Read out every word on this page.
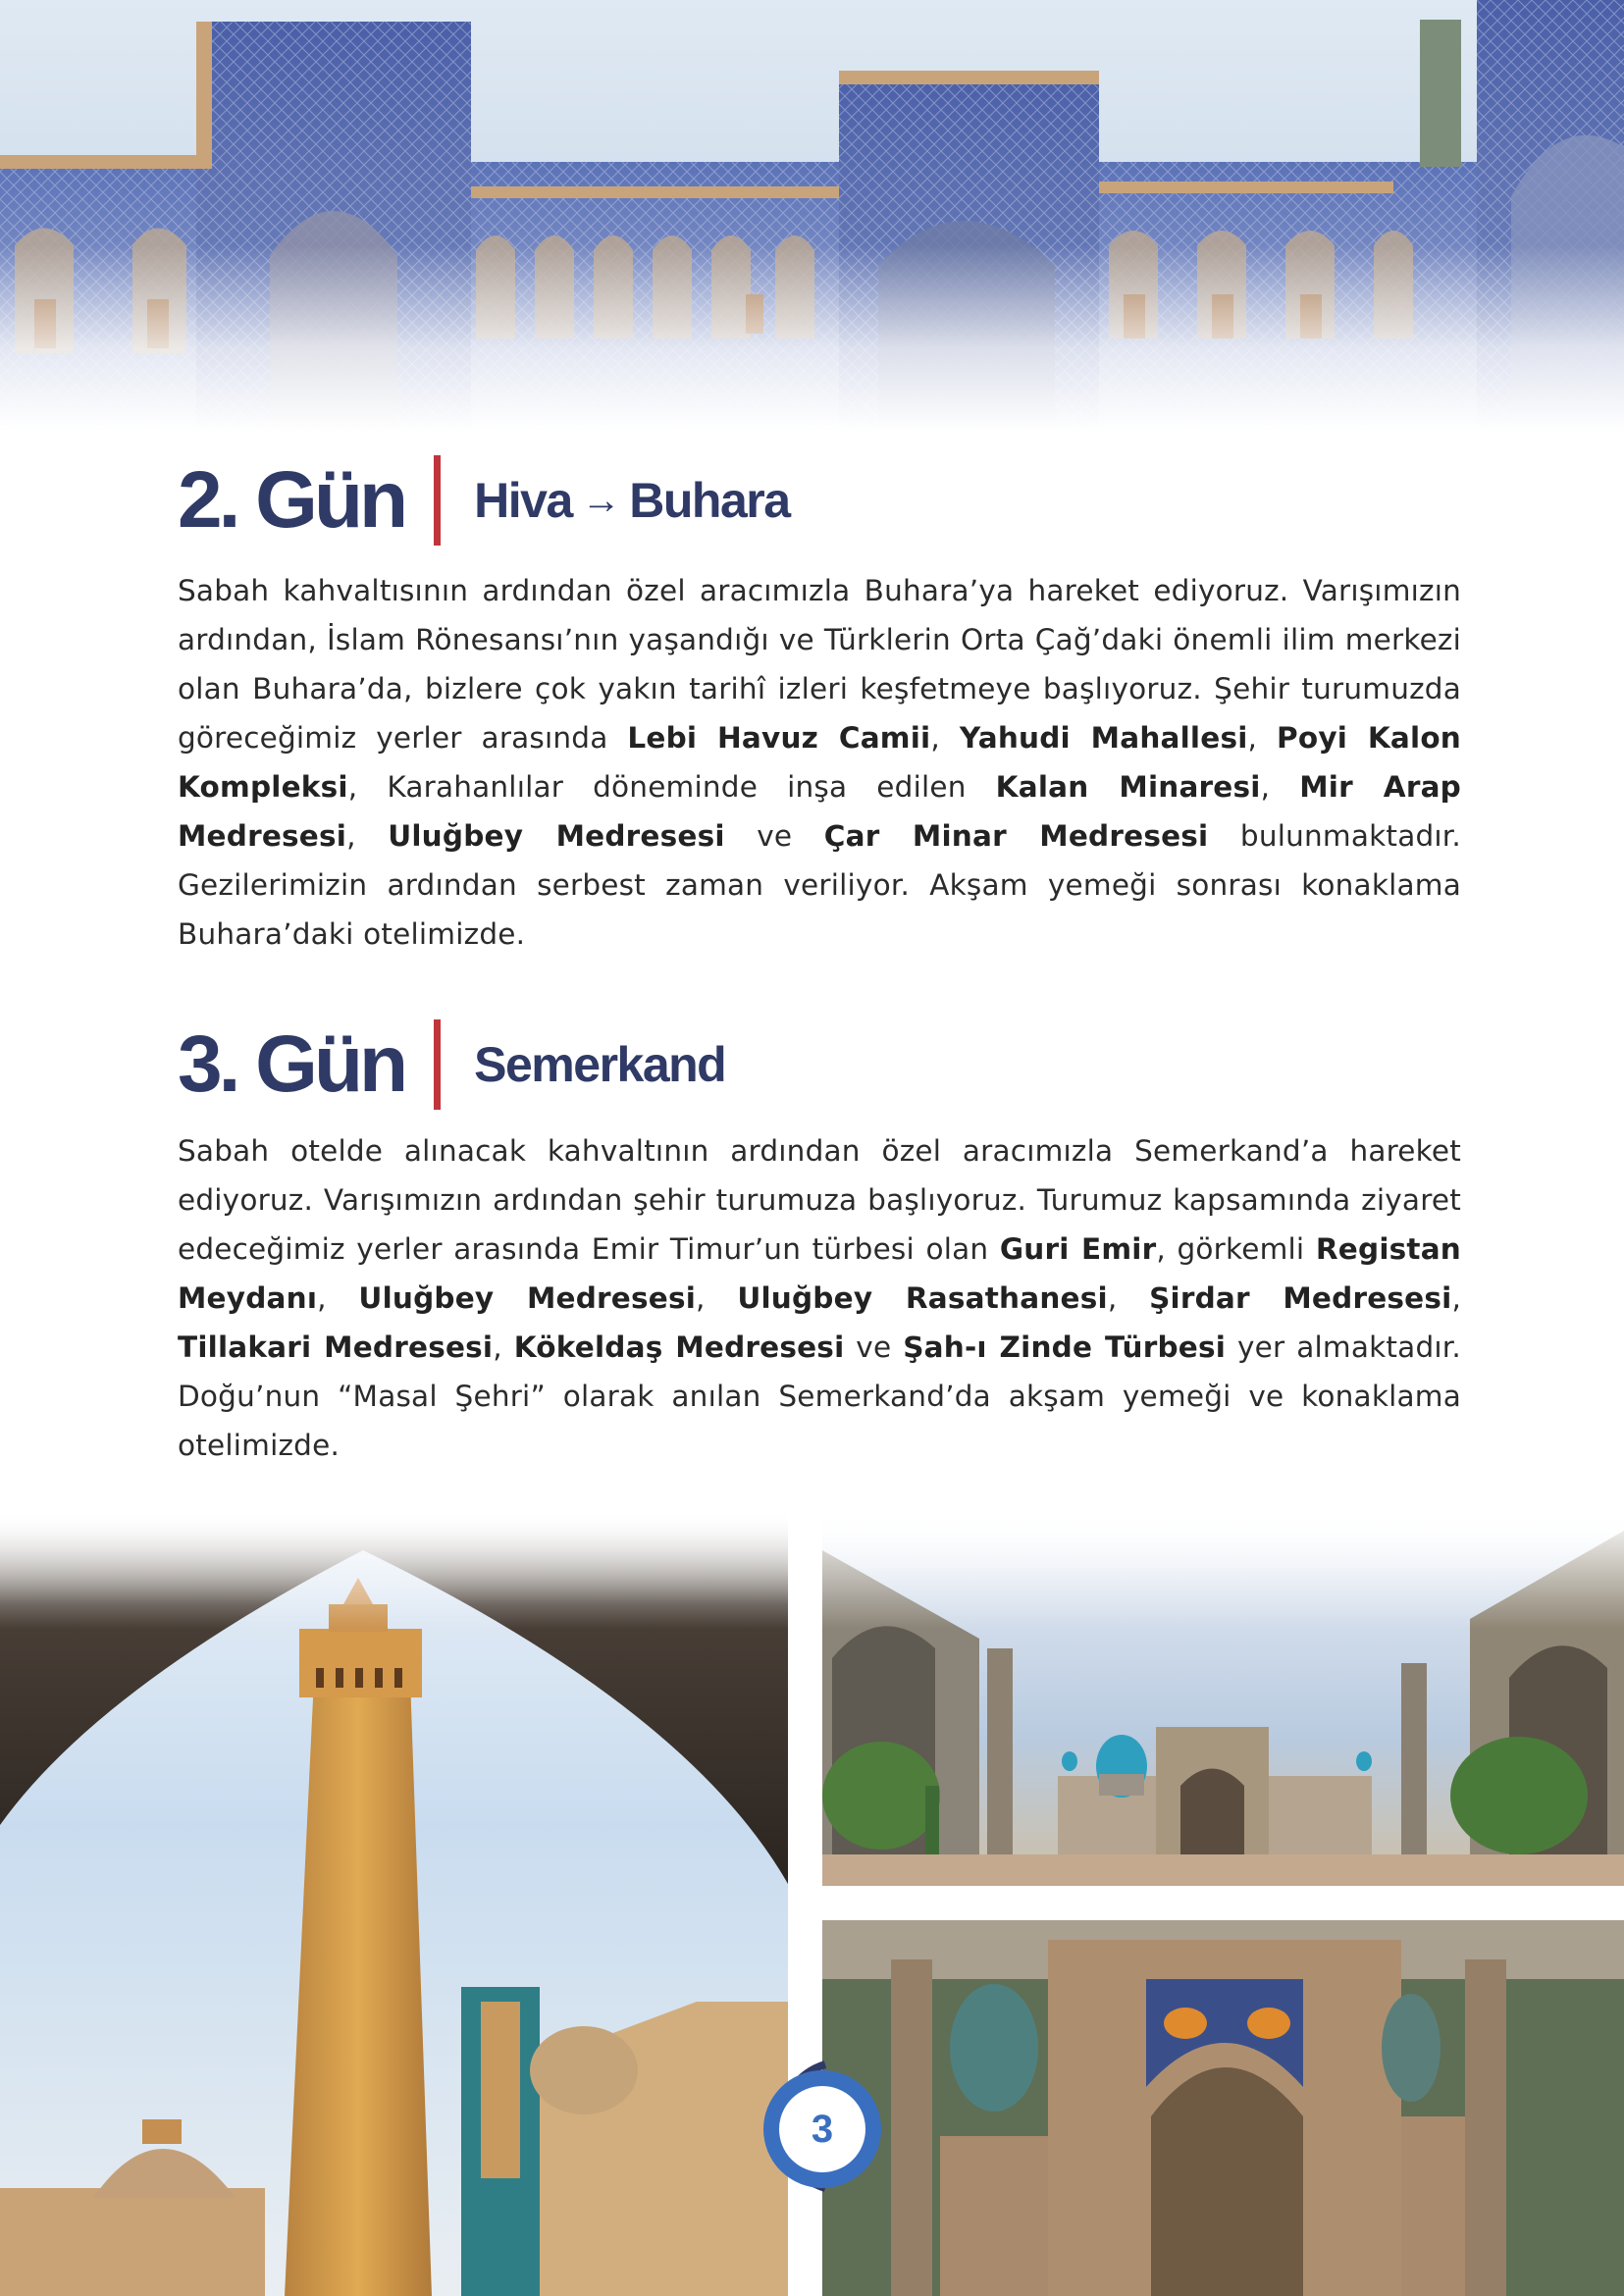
2. Gün Hiva → Buhara

Sabah kahvaltısının ardından özel aracımızla Buhara’ya hareket ediyoruz. Varışımızın ardından, İslam Rönesansı’nın yaşandığı ve Türklerin Orta Çağ’daki önemli ilim merkezi olan Buhara’da, bizlere çok yakın tarihî izleri keşfetmeye başlıyoruz. Şehir turumuzda göreceğimiz yerler arasında Lebi Havuz Camii, Yahudi Mahallesi, Poyi Kalon Kompleksi, Karahanlılar döneminde inşa edilen Kalan Minaresi, Mir Arap Medresesi, Uluğbey Medresesi ve Çar Minar Medresesi bulunmaktadır. Gezilerimizin ardından serbest zaman veriliyor. Akşam yemeği sonrası konaklama Buhara’daki otelimizde.

3. Gün Semerkand

Sabah otelde alınacak kahvaltının ardından özel aracımızla Semerkand’a hareket ediyoruz. Varışımızın ardından şehir turumuza başlıyoruz. Turumuz kapsamında ziyaret edeceğimiz yerler arasında Emir Timur’un türbesi olan Guri Emir, görkemli Registan Meydanı, Uluğbey Medresesi, Uluğbey Rasathanesi, Şirdar Medresesi, Tillakari Medresesi, Kökeldaş Medresesi ve Şah-ı Zinde Türbesi yer almaktadır. Doğu’nun “Masal Şehri” olarak anılan Semerkand’da akşam yemeği ve konaklama otelimizde.

3
